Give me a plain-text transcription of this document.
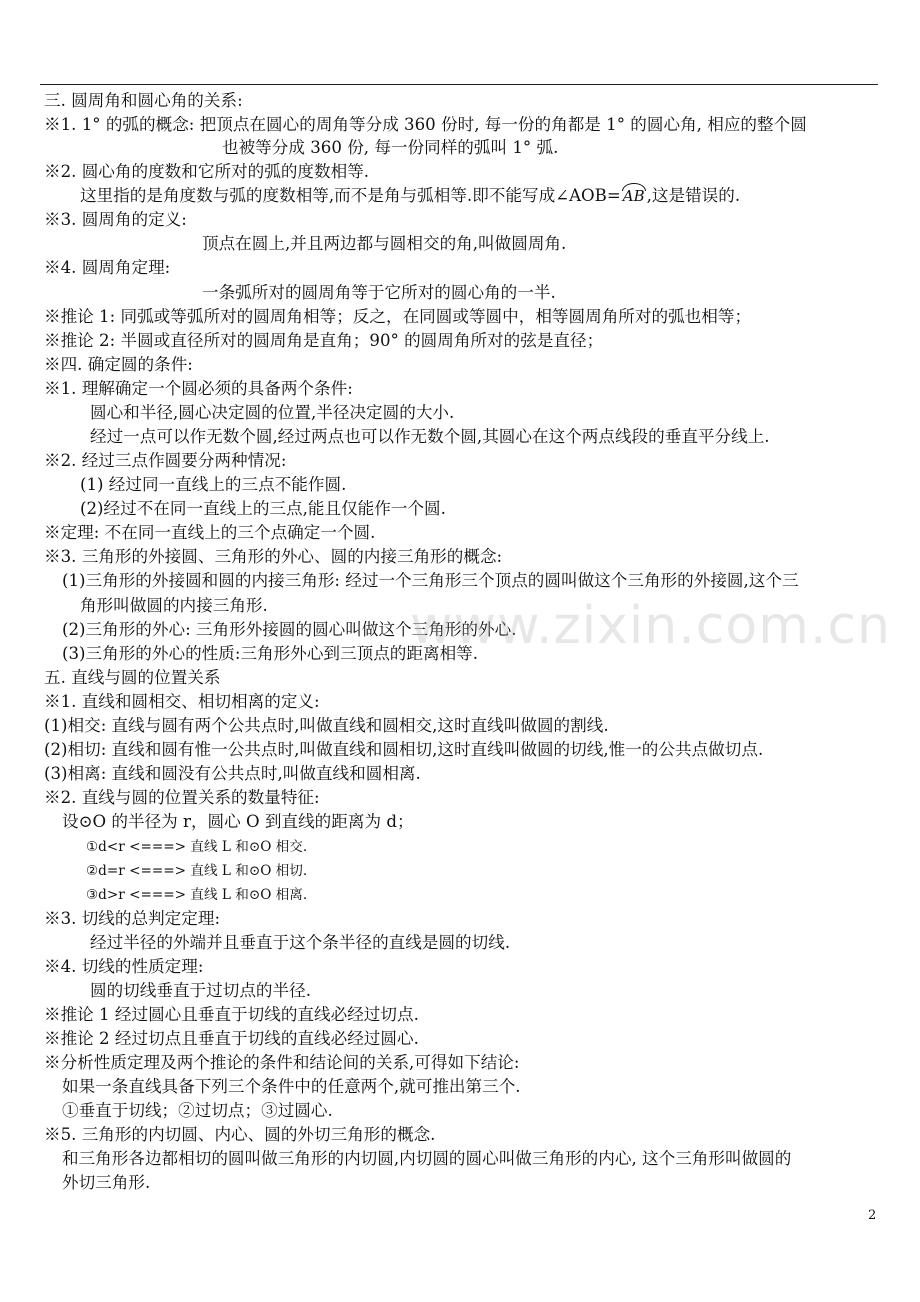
三. 圆周角和圆心角的关系:
※1. 1° 的弧的概念: 把顶点在圆心的周角等分成 360 份时, 每一份的角都是 1° 的圆心角, 相应的整个圆
也被等分成 360 份, 每一份同样的弧叫 1° 弧.
※2. 圆心角的度数和它所对的弧的度数相等.
这里指的是角度数与弧的度数相等,而不是角与弧相等.即不能写成∠AOB= AB ,这是错误的.
※3. 圆周角的定义:
顶点在圆上,并且两边都与圆相交的角,叫做圆周角.
※4. 圆周角定理:
一条弧所对的圆周角等于它所对的圆心角的一半.
※推论 1: 同弧或等弧所对的圆周角相等；反之，在同圆或等圆中，相等圆周角所对的弧也相等；
※推论 2: 半圆或直径所对的圆周角是直角；90° 的圆周角所对的弦是直径；
※四. 确定圆的条件:
※1. 理解确定一个圆必须的具备两个条件:
圆心和半径,圆心决定圆的位置,半径决定圆的大小.
经过一点可以作无数个圆,经过两点也可以作无数个圆,其圆心在这个两点线段的垂直平分线上.
※2. 经过三点作圆要分两种情况:
(1) 经过同一直线上的三点不能作圆.
(2)经过不在同一直线上的三点,能且仅能作一个圆.
※定理: 不在同一直线上的三个点确定一个圆.
※3. 三角形的外接圆、三角形的外心、圆的内接三角形的概念:
(1)三角形的外接圆和圆的内接三角形: 经过一个三角形三个顶点的圆叫做这个三角形的外接圆,这个三
角形叫做圆的内接三角形.
(2)三角形的外心: 三角形外接圆的圆心叫做这个三角形的外心.
(3)三角形的外心的性质:三角形外心到三顶点的距离相等.
五. 直线与圆的位置关系
※1. 直线和圆相交、相切相离的定义:
(1)相交: 直线与圆有两个公共点时,叫做直线和圆相交,这时直线叫做圆的割线.
(2)相切: 直线和圆有惟一公共点时,叫做直线和圆相切,这时直线叫做圆的切线,惟一的公共点做切点.
(3)相离: 直线和圆没有公共点时,叫做直线和圆相离.
※2. 直线与圆的位置关系的数量特征:
设⊙O 的半径为 r，圆心 O 到直线的距离为 d；
①d<r <===> 直线 L 和⊙O 相交.
②d=r <===> 直线 L 和⊙O 相切.
③d>r <===> 直线 L 和⊙O 相离.
※3. 切线的总判定定理:
经过半径的外端并且垂直于这个条半径的直线是圆的切线.
※4. 切线的性质定理:
圆的切线垂直于过切点的半径.
※推论 1 经过圆心且垂直于切线的直线必经过切点.
※推论 2 经过切点且垂直于切线的直线必经过圆心.
※分析性质定理及两个推论的条件和结论间的关系,可得如下结论:
如果一条直线具备下列三个条件中的任意两个,就可推出第三个.
①垂直于切线；②过切点；③过圆心.
※5. 三角形的内切圆、内心、圆的外切三角形的概念.
和三角形各边都相切的圆叫做三角形的内切圆,内切圆的圆心叫做三角形的内心, 这个三角形叫做圆的
外切三角形.
www.zixin.com.cn
2
